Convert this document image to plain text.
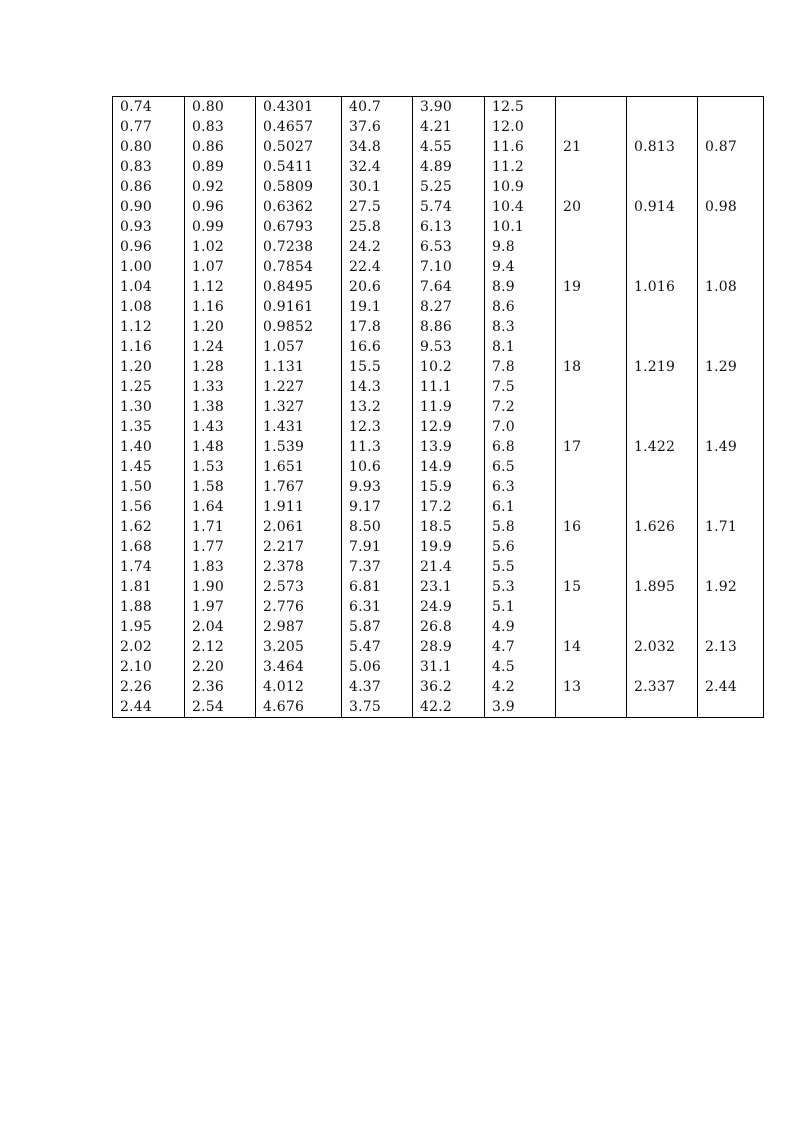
0.74	0.80	0.4301	40.7	3.90	12.5			
0.77	0.83	0.4657	37.6	4.21	12.0			
0.80	0.86	0.5027	34.8	4.55	11.6	21	0.813	0.87
0.83	0.89	0.5411	32.4	4.89	11.2			
0.86	0.92	0.5809	30.1	5.25	10.9			
0.90	0.96	0.6362	27.5	5.74	10.4	20	0.914	0.98
0.93	0.99	0.6793	25.8	6.13	10.1			
0.96	1.02	0.7238	24.2	6.53	9.8			
1.00	1.07	0.7854	22.4	7.10	9.4			
1.04	1.12	0.8495	20.6	7.64	8.9	19	1.016	1.08
1.08	1.16	0.9161	19.1	8.27	8.6			
1.12	1.20	0.9852	17.8	8.86	8.3			
1.16	1.24	1.057	16.6	9.53	8.1			
1.20	1.28	1.131	15.5	10.2	7.8	18	1.219	1.29
1.25	1.33	1.227	14.3	11.1	7.5			
1.30	1.38	1.327	13.2	11.9	7.2			
1.35	1.43	1.431	12.3	12.9	7.0			
1.40	1.48	1.539	11.3	13.9	6.8	17	1.422	1.49
1.45	1.53	1.651	10.6	14.9	6.5			
1.50	1.58	1.767	9.93	15.9	6.3			
1.56	1.64	1.911	9.17	17.2	6.1			
1.62	1.71	2.061	8.50	18.5	5.8	16	1.626	1.71
1.68	1.77	2.217	7.91	19.9	5.6			
1.74	1.83	2.378	7.37	21.4	5.5			
1.81	1.90	2.573	6.81	23.1	5.3	15	1.895	1.92
1.88	1.97	2.776	6.31	24.9	5.1			
1.95	2.04	2.987	5.87	26.8	4.9			
2.02	2.12	3.205	5.47	28.9	4.7	14	2.032	2.13
2.10	2.20	3.464	5.06	31.1	4.5			
2.26	2.36	4.012	4.37	36.2	4.2	13	2.337	2.44
2.44	2.54	4.676	3.75	42.2	3.9			
